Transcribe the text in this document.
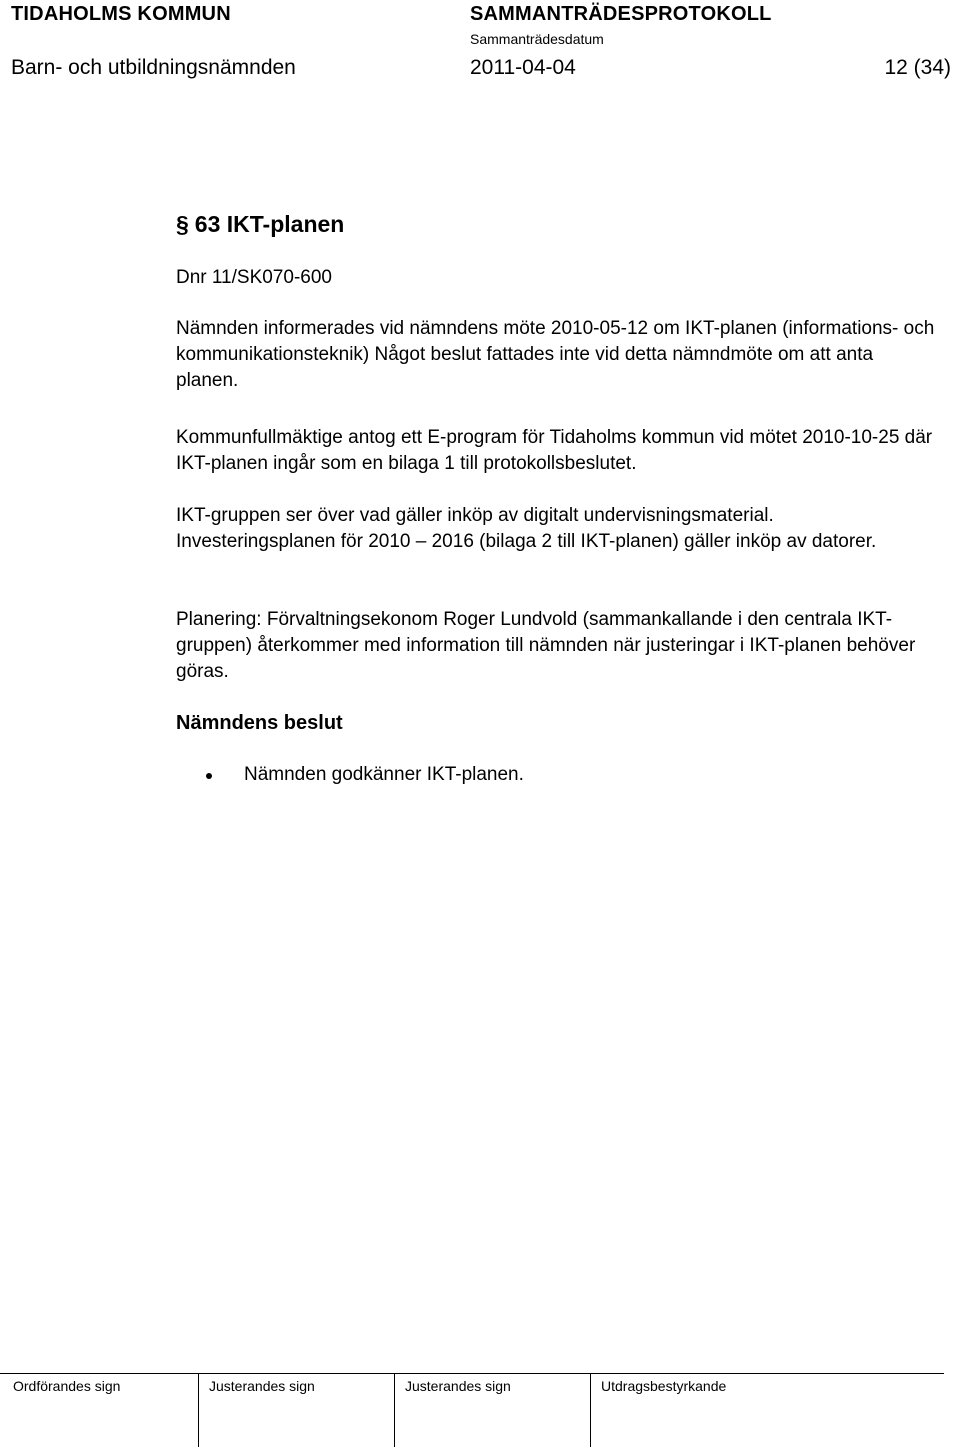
TIDAHOLMS KOMMUN	SAMMANTRÄDESPROTOKOLL
Sammanträdesdatum
Barn- och utbildningsnämnden	2011-04-04	12 (34)
§ 63 IKT-planen
Dnr 11/SK070-600

Nämnden informerades vid nämndens möte 2010-05-12 om IKT-planen (informations- och kommunikationsteknik) Något beslut fattades inte vid detta nämndmöte om att anta planen.

Kommunfullmäktige antog ett E-program för Tidaholms kommun vid mötet 2010-10-25 där IKT-planen ingår som en bilaga 1 till protokollsbeslutet.

IKT-gruppen ser över vad gäller inköp av digitalt undervisningsmaterial. Investeringsplanen för 2010 – 2016 (bilaga 2 till IKT-planen) gäller inköp av datorer.

Planering: Förvaltningsekonom Roger Lundvold (sammankallande i den centrala IKT-gruppen) återkommer med information till nämnden när justeringar i IKT-planen behöver göras.

Nämndens beslut
Nämnden godkänner IKT-planen.
Ordförandes sign	Justerandes sign	Justerandes sign	Utdragsbestyrkande
